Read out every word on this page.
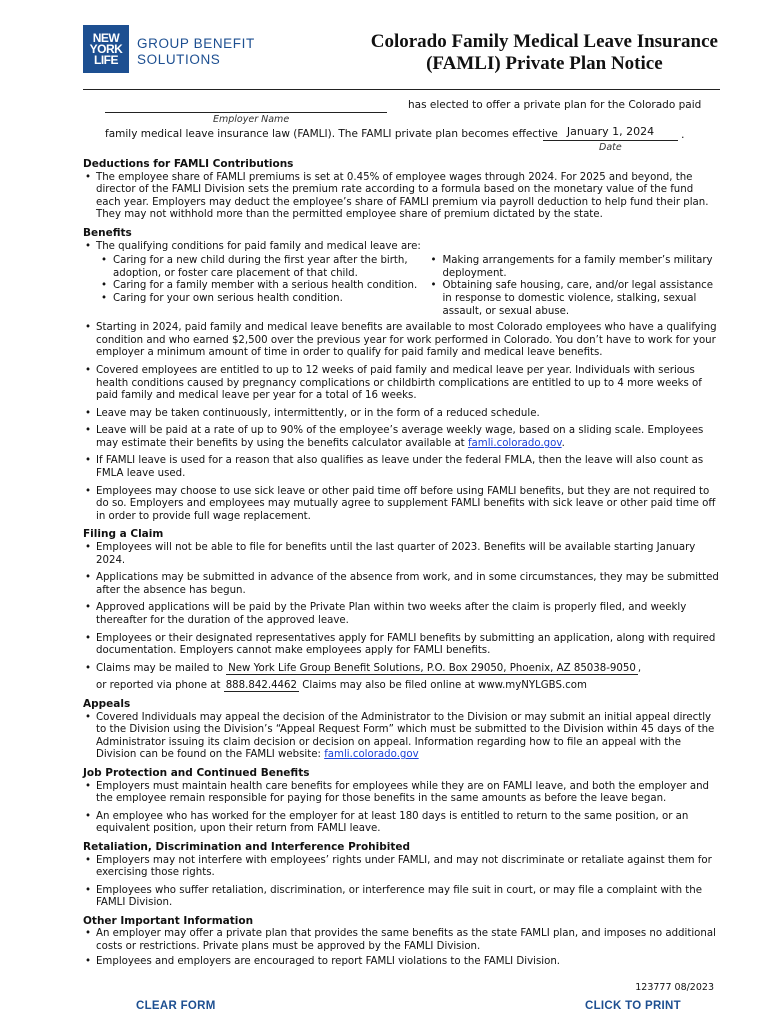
NEW
YORK
LIFE
GROUP BENEFIT
SOLUTIONS
Colorado Family Medical Leave Insurance
(FAMLI) Private Plan Notice
Employer Name
has elected to offer a private plan for the Colorado paid
family medical leave insurance law (FAMLI). The FAMLI private plan becomes effective January 1, 2024	.
Date
Deductions for FAMLI Contributions
• The employee share of FAMLI premiums is set at 0.45% of employee wages through 2024. For 2025 and beyond, the director of the FAMLI Division sets the premium rate according to a formula based on the monetary value of the fund each year. Employers may deduct the employee’s share of FAMLI premium via payroll deduction to help fund their plan. They may not withhold more than the permitted employee share of premium dictated by the state.
Benefits
• The qualifying conditions for paid family and medical leave are:
• Caring for a new child during the first year after the birth, adoption, or foster care placement of that child.
• Caring for a family member with a serious health condition.
• Caring for your own serious health condition.
• Making arrangements for a family member’s military deployment.
• Obtaining safe housing, care, and/or legal assistance in response to domestic violence, stalking, sexual assault, or sexual abuse.
• Starting in 2024, paid family and medical leave benefits are available to most Colorado employees who have a qualifying condition and who earned $2,500 over the previous year for work performed in Colorado. You don’t have to work for your employer a minimum amount of time in order to qualify for paid family and medical leave benefits.
• Covered employees are entitled to up to 12 weeks of paid family and medical leave per year. Individuals with serious health conditions caused by pregnancy complications or childbirth complications are entitled to up to 4 more weeks of paid family and medical leave per year for a total of 16 weeks.
• Leave may be taken continuously, intermittently, or in the form of a reduced schedule.
• Leave will be paid at a rate of up to 90% of the employee’s average weekly wage, based on a sliding scale. Employees may estimate their benefits by using the benefits calculator available at famli.colorado.gov.
• If FAMLI leave is used for a reason that also qualifies as leave under the federal FMLA, then the leave will also count as FMLA leave used.
• Employees may choose to use sick leave or other paid time off before using FAMLI benefits, but they are not required to do so. Employers and employees may mutually agree to supplement FAMLI benefits with sick leave or other paid time off in order to provide full wage replacement.
Filing a Claim
• Employees will not be able to file for benefits until the last quarter of 2023. Benefits will be available starting January 2024.
• Applications may be submitted in advance of the absence from work, and in some circumstances, they may be submitted after the absence has begun.
• Approved applications will be paid by the Private Plan within two weeks after the claim is properly filed, and weekly thereafter for the duration of the approved leave.
• Employees or their designated representatives apply for FAMLI benefits by submitting an application, along with required documentation. Employers cannot make employees apply for FAMLI benefits.
• Claims may be mailed to New York Life Group Benefit Solutions, P.O. Box 29050, Phoenix, AZ 85038-9050 ,
or reported via phone at 888.842.4462 Claims may also be filed online at www.myNYLGBS.com
Appeals
• Covered Individuals may appeal the decision of the Administrator to the Division or may submit an initial appeal directly to the Division using the Division’s “Appeal Request Form” which must be submitted to the Division within 45 days of the Administrator issuing its claim decision or decision on appeal. Information regarding how to file an appeal with the Division can be found on the FAMLI website: famli.colorado.gov
Job Protection and Continued Benefits
• Employers must maintain health care benefits for employees while they are on FAMLI leave, and both the employer and the employee remain responsible for paying for those benefits in the same amounts as before the leave began.
• An employee who has worked for the employer for at least 180 days is entitled to return to the same position, or an equivalent position, upon their return from FAMLI leave.
Retaliation, Discrimination and Interference Prohibited
• Employers may not interfere with employees’ rights under FAMLI, and may not discriminate or retaliate against them for exercising those rights.
• Employees who suffer retaliation, discrimination, or interference may file suit in court, or may file a complaint with the FAMLI Division.
Other Important Information
• An employer may offer a private plan that provides the same benefits as the state FAMLI plan, and imposes no additional costs or restrictions. Private plans must be approved by the FAMLI Division.
• Employees and employers are encouraged to report FAMLI violations to the FAMLI Division.
123777 08/2023
CLEAR FORM	CLICK TO PRINT
